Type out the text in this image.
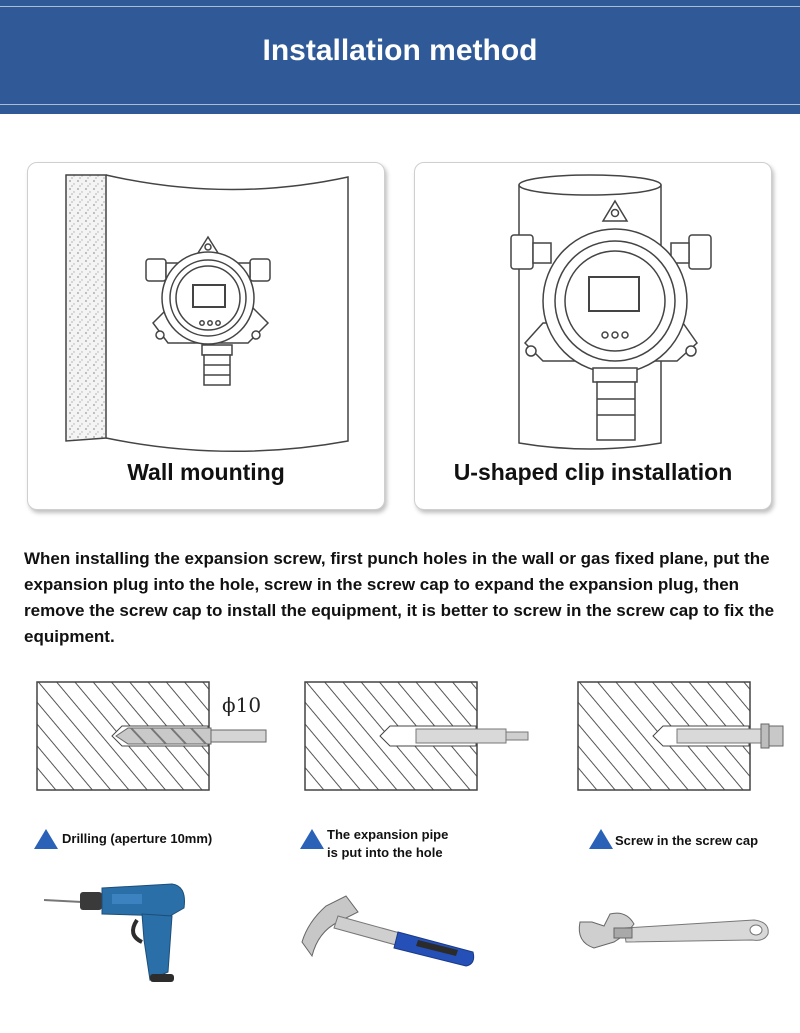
Installation method
Wall mounting	U-shaped clip installation

When installing the expansion screw, first punch holes in the wall or gas fixed plane, put the expansion plug into the hole, screw in the screw cap to expand the expansion plug, then remove the screw cap to install the equipment, it is better to screw in the screw cap to fix the equipment.

ϕ10
Drilling (aperture 10mm)	The expansion pipe
is put into the hole
Screw in the screw cap
